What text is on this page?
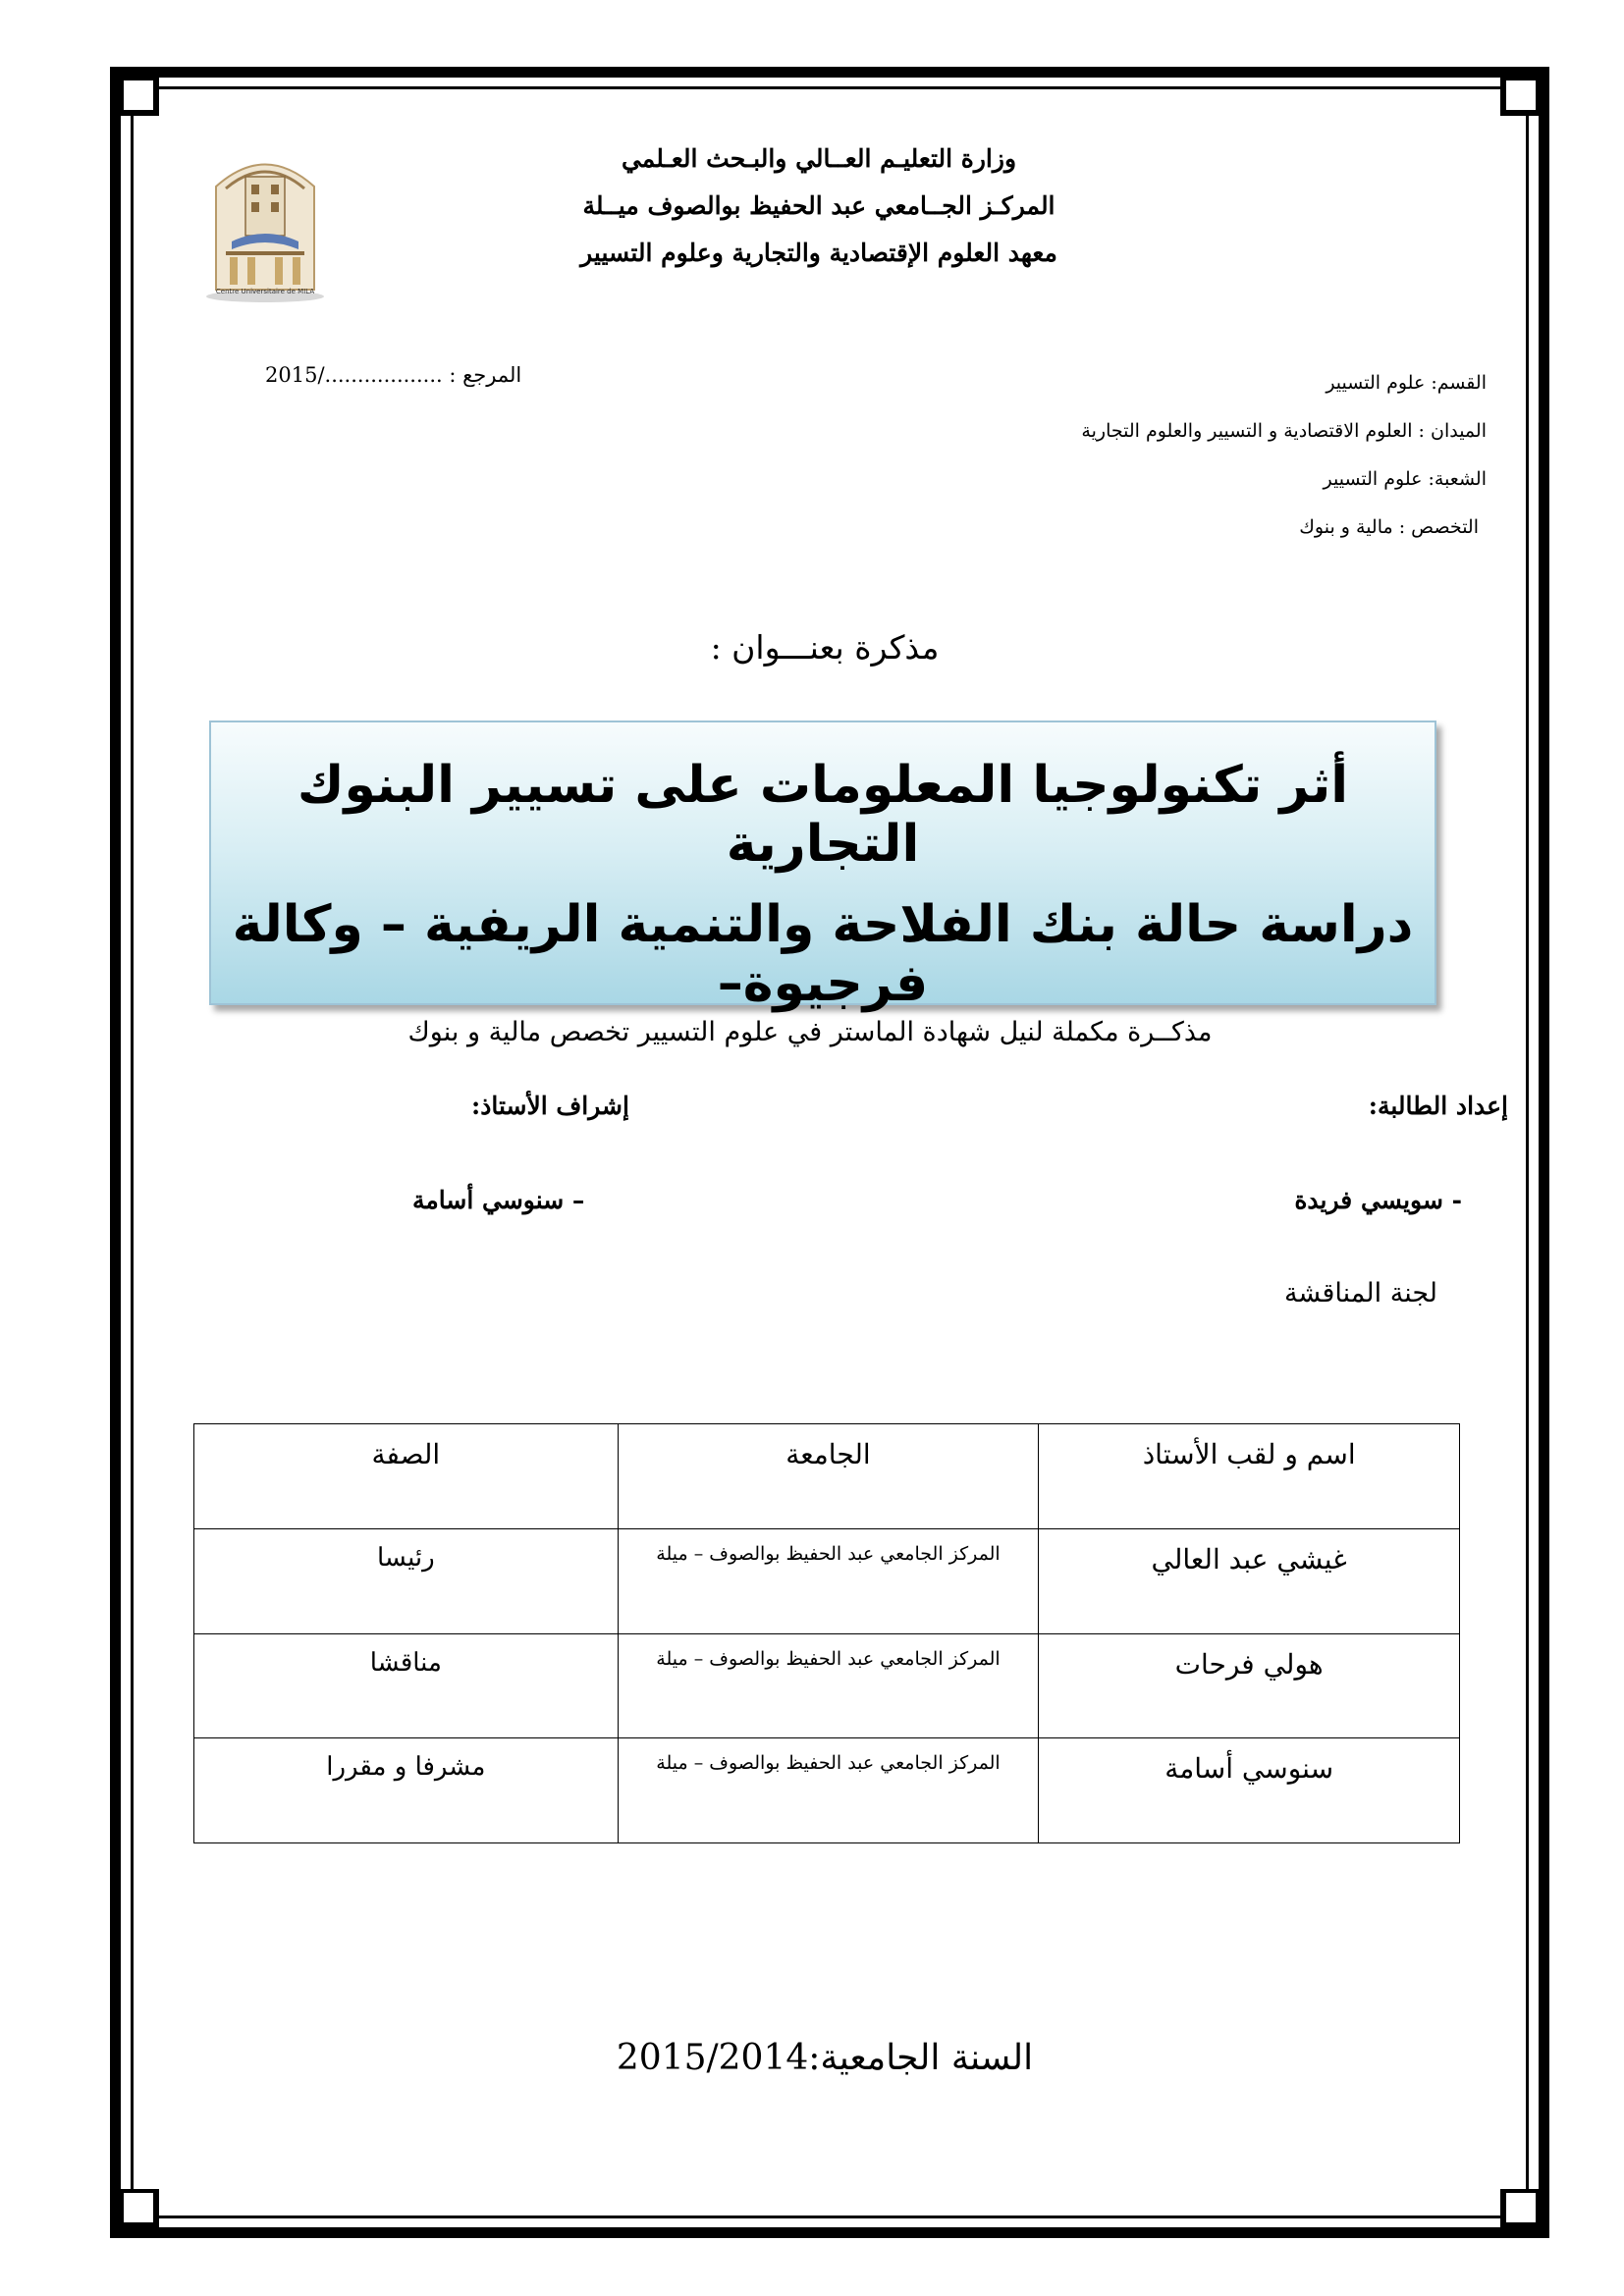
Centre Universitaire de MILA
وزارة التعليـم العــالي والبـحث العـلمي
المركـز الجــامعي عبد الحفيظ بوالصوف ميــلة
معهد العلوم الإقتصادية والتجارية وعلوم التسيير
المرجع : ................../2015	القسم: علوم التسيير
الميدان : العلوم الاقتصادية و التسيير والعلوم التجارية
الشعبة: علوم التسيير
التخصص : مالية و بنوك
مذكرة بعنـــوان :
أثر تكنولوجيا المعلومات على تسيير البنوك التجارية
دراسة حالة بنك الفلاحة والتنمية الريفية – وكالة فرجيوة–
مذكــرة مكملة لنيل شهادة الماستر في علوم التسيير تخصص مالية و بنوك
إعداد الطالبة:
إشراف الأستاذ:
- سويسي فريدة
– سنوسي أسامة
لجنة المناقشة
اسم و لقب الأستاذ	الجامعة	الصفة
غيشي عبد العالي	المركز الجامعي عبد الحفيظ بوالصوف – ميلة	رئيسا
هولي فرحات	المركز الجامعي عبد الحفيظ بوالصوف – ميلة	مناقشا
سنوسي أسامة	المركز الجامعي عبد الحفيظ بوالصوف – ميلة	مشرفا و مقررا
السنة الجامعية:2015/2014
